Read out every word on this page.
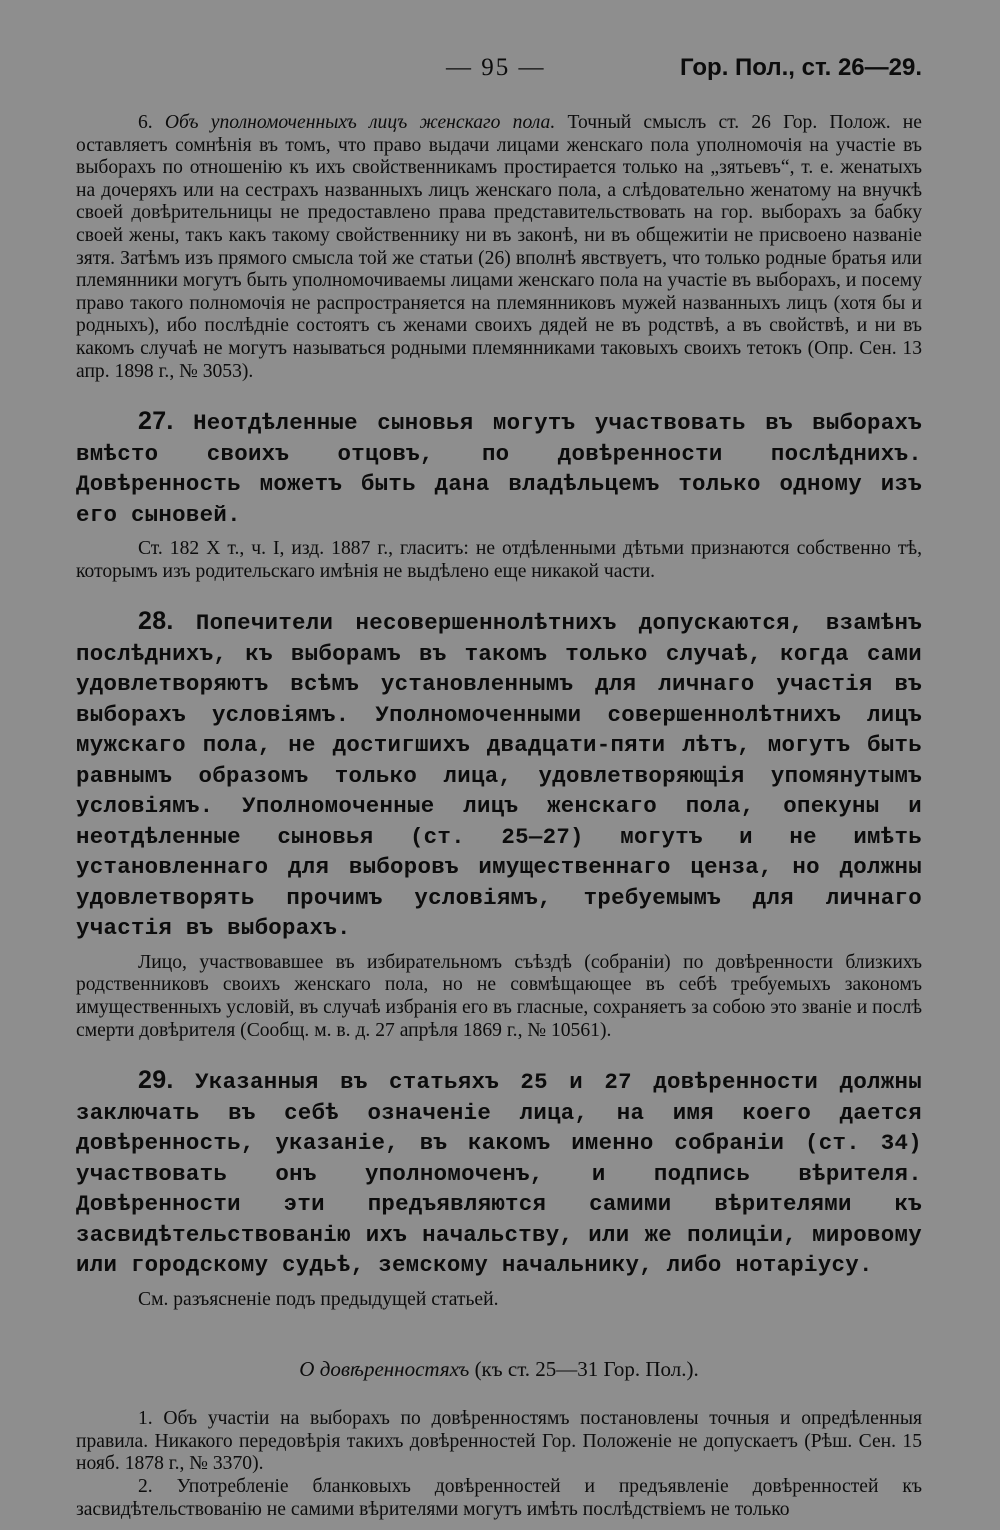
— 95 —	Гор. Пол., ст. 26—29.

6. Объ уполномоченныхъ лицъ женскаго пола. Точный смыслъ ст. 26 Гор. Полож. не оставляетъ сомнѣнія въ томъ, что право выдачи лицами женскаго пола уполномочія на участіе въ выборахъ по отношенію къ ихъ свойственникамъ простирается только на „зятьевъ“, т. е. женатыхъ на дочеряхъ или на сестрахъ названныхъ лицъ женскаго пола, а слѣдовательно женатому на внучкѣ своей довѣрительницы не предоставлено права представительствовать на гор. выборахъ за бабку своей жены, такъ какъ такому свойственнику ни въ законѣ, ни въ общежитіи не присвоено названіе зятя. Затѣмъ изъ прямого смысла той же статьи (26) вполнѣ явствуетъ, что только родные братья или племянники могутъ быть уполномочиваемы лицами женскаго пола на участіе въ выборахъ, и посему право такого полномочія не распространяется на племянниковъ мужей названныхъ лицъ (хотя бы и родныхъ), ибо послѣдніе состоятъ съ женами своихъ дядей не въ родствѣ, а въ свойствѣ, и ни въ какомъ случаѣ не могутъ называться родными племянниками таковыхъ своихъ тетокъ (Опр. Сен. 13 апр. 1898 г., № 3053).

27. Неотдѣленные сыновья могутъ участвовать въ выборахъ вмѣсто своихъ отцовъ, по довѣренности послѣднихъ. Довѣренность можетъ быть дана владѣльцемъ только одному изъ его сыновей.

Ст. 182 X т., ч. I, изд. 1887 г., гласитъ: не отдѣленными дѣтьми признаются собственно тѣ, которымъ изъ родительскаго имѣнія не выдѣлено еще никакой части.

28. Попечители несовершеннолѣтнихъ допускаются, взамѣнъ послѣднихъ, къ выборамъ въ такомъ только случаѣ, когда сами удовлетворяютъ всѣмъ установленнымъ для личнаго участія въ выборахъ условіямъ. Уполномоченными совершеннолѣтнихъ лицъ мужскаго пола, не достигшихъ двадцати-пяти лѣтъ, могутъ быть равнымъ образомъ только лица, удовлетворяющія упомянутымъ условіямъ. Уполномоченные лицъ женскаго пола, опекуны и неотдѣленные сыновья (ст. 25—27) могутъ и не имѣть установленнаго для выборовъ имущественнаго ценза, но должны удовлетворять прочимъ условіямъ, требуемымъ для личнаго участія въ выборахъ.

Лицо, участвовавшее въ избирательномъ съѣздѣ (собраніи) по довѣренности близкихъ родственниковъ своихъ женскаго пола, но не совмѣщающее въ себѣ требуемыхъ закономъ имущественныхъ условій, въ случаѣ избранія его въ гласные, сохраняетъ за собою это званіе и послѣ смерти довѣрителя (Сообщ. м. в. д. 27 апрѣля 1869 г., № 10561).

29. Указанныя въ статьяхъ 25 и 27 довѣренности должны заключать въ себѣ означеніе лица, на имя коего дается довѣренность, указаніе, въ какомъ именно собраніи (ст. 34) участвовать онъ уполномоченъ, и подпись вѣрителя. Довѣренности эти предъявляются самими вѣрителями къ засвидѣтельствованію ихъ начальству, или же полиціи, мировому или городскому судьѣ, земскому начальнику, либо нотаріусу.

См. разъясненіе подъ предыдущей статьей.

О довѣренностяхъ (къ ст. 25—31 Гор. Пол.).

1. Объ участіи на выборахъ по довѣренностямъ постановлены точныя и опредѣленныя правила. Никакого передовѣрія такихъ довѣренностей Гор. Положеніе не допускаетъ (Рѣш. Сен. 15 нояб. 1878 г., № 3370).

2. Употребленіе бланковыхъ довѣренностей и предъявленіе довѣренностей къ засвидѣтельствованію не самими вѣрителями могутъ имѣть послѣдствіемъ не только
